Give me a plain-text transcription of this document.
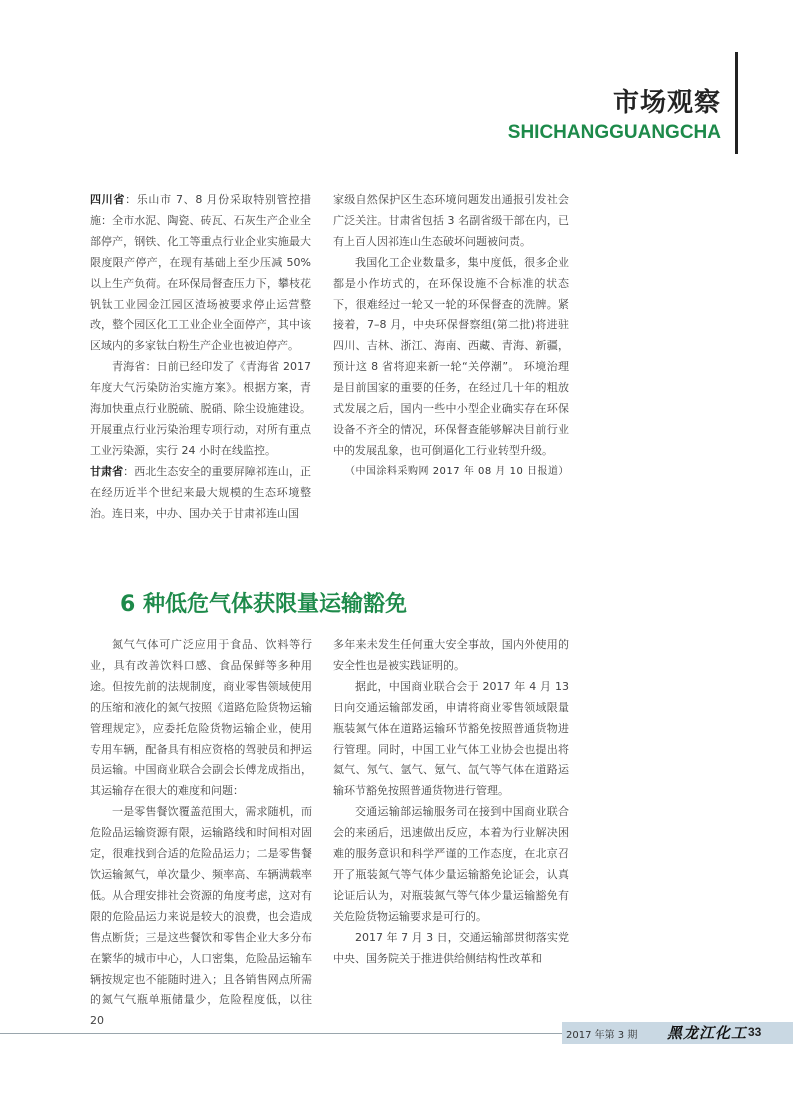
市场观察
SHICHANGGUANGCHA

四川省：乐山市 7、8 月份采取特别管控措施：全市水泥、陶瓷、砖瓦、石灰生产企业全部停产，钢铁、化工等重点行业企业实施最大限度限产停产，在现有基础上至少压减 50%以上生产负荷。在环保局督查压力下，攀枝花钒钛工业园金江园区渣场被要求停止运营整改，整个园区化工工业企业全面停产，其中该区域内的多家钛白粉生产企业也被迫停产。

青海省：日前已经印发了《青海省 2017 年度大气污染防治实施方案》。根据方案，青海加快重点行业脱硫、脱硝、除尘设施建设。开展重点行业污染治理专项行动，对所有重点工业污染源，实行 24 小时在线监控。

甘肃省：西北生态安全的重要屏障祁连山，正在经历近半个世纪来最大规模的生态环境整治。连日来，中办、国办关于甘肃祁连山国

家级自然保护区生态环境问题发出通报引发社会广泛关注。甘肃省包括 3 名副省级干部在内，已有上百人因祁连山生态破坏问题被问责。

我国化工企业数量多，集中度低，很多企业都是小作坊式的，在环保设施不合标准的状态下，很难经过一轮又一轮的环保督查的洗牌。紧接着，7–8 月，中央环保督察组(第二批)将进驻四川、吉林、浙江、海南、西藏、青海、新疆，预计这 8 省将迎来新一轮“关停潮”。 环境治理是目前国家的重要的任务，在经过几十年的粗放式发展之后，国内一些中小型企业确实存在环保设备不齐全的情况，环保督查能够解决目前行业中的发展乱象，也可倒逼化工行业转型升级。

（中国涂料采购网 2017 年 08 月 10 日报道）

6 种低危气体获限量运输豁免

氮气气体可广泛应用于食品、饮料等行业，具有改善饮料口感、食品保鲜等多种用途。但按先前的法规制度，商业零售领域使用的压缩和液化的氮气按照《道路危险货物运输管理规定》，应委托危险货物运输企业，使用专用车辆，配备具有相应资格的驾驶员和押运员运输。中国商业联合会副会长傅龙成指出，其运输存在很大的难度和问题：

一是零售餐饮覆盖范围大，需求随机，而危险品运输资源有限，运输路线和时间相对固定，很难找到合适的危险品运力；二是零售餐饮运输氮气，单次量少、频率高、车辆满载率低。从合理安排社会资源的角度考虑，这对有限的危险品运力来说是较大的浪费，也会造成售点断货；三是这些餐饮和零售企业大多分布在繁华的城市中心，人口密集，危险品运输车辆按规定也不能随时进入；且各销售网点所需的氮气气瓶单瓶储量少，危险程度低，以往 20

多年来未发生任何重大安全事故，国内外使用的安全性也是被实践证明的。

据此，中国商业联合会于 2017 年 4 月 13 日向交通运输部发函，申请将商业零售领域限量瓶装氮气体在道路运输环节豁免按照普通货物进行管理。同时，中国工业气体工业协会也提出将氦气、氖气、氩气、氪气、氙气等气体在道路运输环节豁免按照普通货物进行管理。

交通运输部运输服务司在接到中国商业联合会的来函后，迅速做出反应，本着为行业解决困难的服务意识和科学严谨的工作态度，在北京召开了瓶装氮气等气体少量运输豁免论证会，认真论证后认为，对瓶装氮气等气体少量运输豁免有关危险货物运输要求是可行的。

2017 年 7 月 3 日，交通运输部贯彻落实党中央、国务院关于推进供给侧结构性改革和

2017 年第 3 期 黑龙江化工 33
